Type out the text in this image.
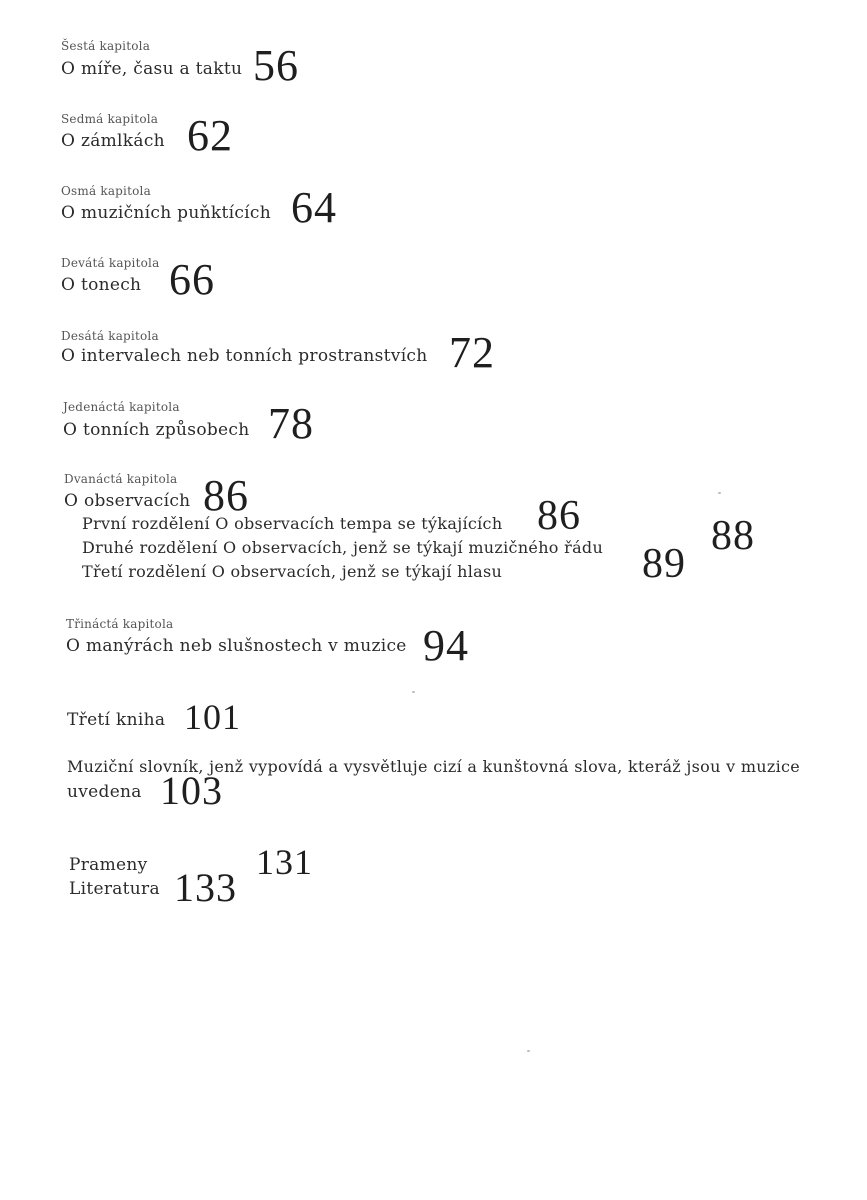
Šestá kapitola
O míře, času a taktu 56
Sedmá kapitola
O zámlkách 62
Osmá kapitola
O muzičních puňktících 64
Devátá kapitola
O tonech 66
Desátá kapitola
O intervalech neb tonních prostranstvích 72
Jedenáctá kapitola
O tonních způsobech 78
Dvanáctá kapitola
O observacích 86
První rozdělení O observacích tempa se týkajících 86
Druhé rozdělení O observacích, jenž se týkají muzičného řádu	88
Třetí rozdělení O observacích, jenž se týkají hlasu	89
Třináctá kapitola
O manýrách neb slušnostech v muzice 94
Třetí kniha 101
Muziční slovník, jenž vypovídá a vysvětluje cizí a kunštovná slova, kteráž jsou v muzice
uvedena 103
Prameny	131
Literatura 133
